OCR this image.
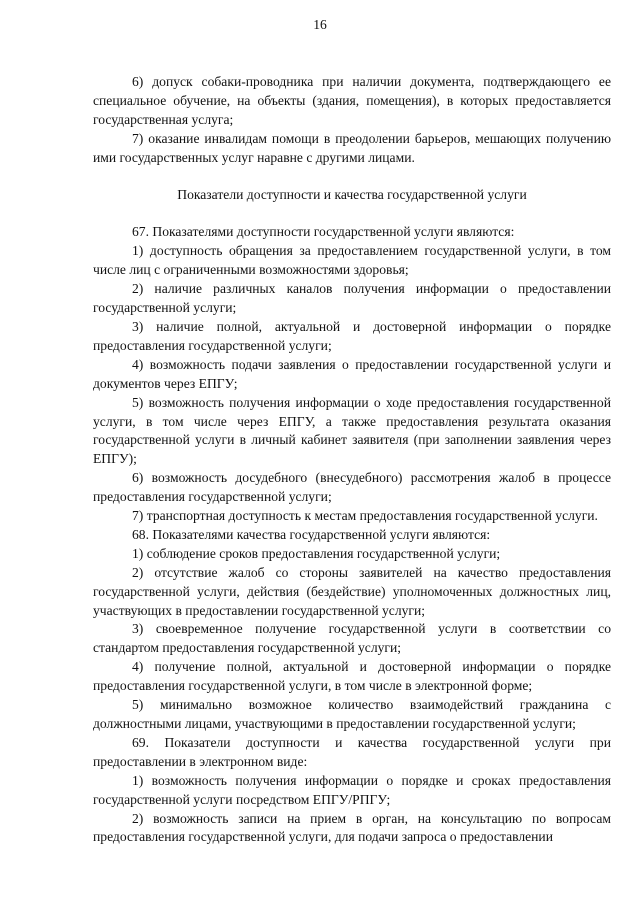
16

6) допуск собаки-проводника при наличии документа, подтверждающего ее специальное обучение, на объекты (здания, помещения), в которых предоставляется государственная услуга;

7) оказание инвалидам помощи в преодолении барьеров, мешающих получению ими государственных услуг наравне с другими лицами.

Показатели доступности и качества государственной услуги

67. Показателями доступности государственной услуги являются:

1) доступность обращения за предоставлением государственной услуги, в том числе лиц с ограниченными возможностями здоровья;

2) наличие различных каналов получения информации о предоставлении государственной услуги;

3) наличие полной, актуальной и достоверной информации о порядке предоставления государственной услуги;

4) возможность подачи заявления о предоставлении государственной услуги и документов через ЕПГУ;

5) возможность получения информации о ходе предоставления государственной услуги, в том числе через ЕПГУ, а также предоставления результата оказания государственной услуги в личный кабинет заявителя (при заполнении заявления через ЕПГУ);

6) возможность досудебного (внесудебного) рассмотрения жалоб в процессе предоставления государственной услуги;

7) транспортная доступность к местам предоставления государственной услуги.

68. Показателями качества государственной услуги являются:

1) соблюдение сроков предоставления государственной услуги;

2) отсутствие жалоб со стороны заявителей на качество предоставления государственной услуги, действия (бездействие) уполномоченных должностных лиц, участвующих в предоставлении государственной услуги;

3) своевременное получение государственной услуги в соответствии со стандартом предоставления государственной услуги;

4) получение полной, актуальной и достоверной информации о порядке предоставления государственной услуги, в том числе в электронной форме;

5) минимально возможное количество взаимодействий гражданина с должностными лицами, участвующими в предоставлении государственной услуги;

69. Показатели доступности и качества государственной услуги при предоставлении в электронном виде:

1) возможность получения информации о порядке и сроках предоставления государственной услуги посредством ЕПГУ/РПГУ;

2) возможность записи на прием в орган, на консультацию по вопросам предоставления государственной услуги, для подачи запроса о предоставлении
